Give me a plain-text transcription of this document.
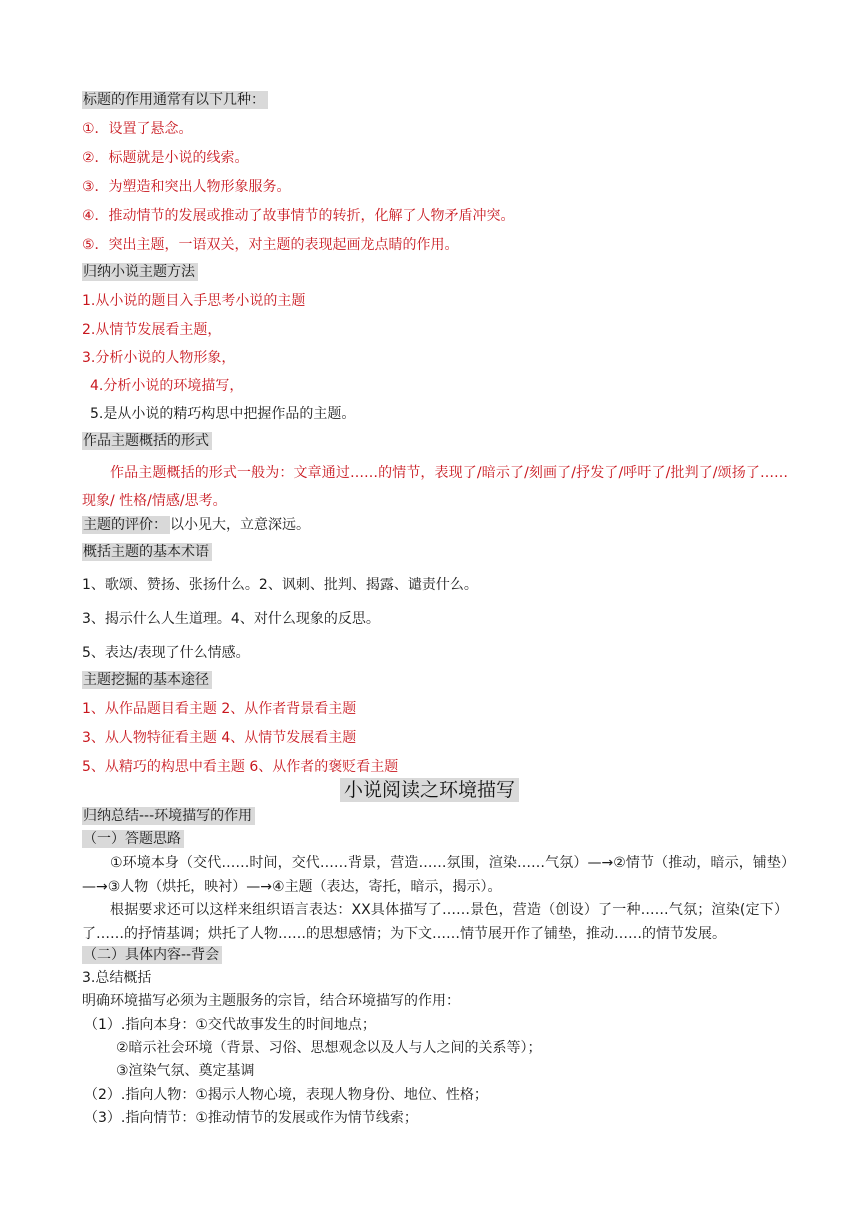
标题的作用通常有以下几种：
①．设置了悬念。
②．标题就是小说的线索。
③．为塑造和突出人物形象服务。
④．推动情节的发展或推动了故事情节的转折，化解了人物矛盾冲突。
⑤．突出主题，一语双关，对主题的表现起画龙点睛的作用。
归纳小说主题方法
1.从小说的题目入手思考小说的主题
2.从情节发展看主题，
3.分析小说的人物形象，
4.分析小说的环境描写，
5.是从小说的精巧构思中把握作品的主题。
作品主题概括的形式
作品主题概括的形式一般为：文章通过……的情节，表现了/暗示了/刻画了/抒发了/呼吁了/批判了/颂扬了……现象/ 性格/情感/思考。
主题的评价： 以小见大，立意深远。
概括主题的基本术语
1、歌颂、赞扬、张扬什么。2、讽刺、批判、揭露、谴责什么。
3、揭示什么人生道理。4、对什么现象的反思。
5、表达/表现了什么情感。
主题挖掘的基本途径
1、从作品题目看主题 2、从作者背景看主题
3、从人物特征看主题 4、从情节发展看主题
5、从精巧的构思中看主题 6、从作者的褒贬看主题
小说阅读之环境描写
归纳总结---环境描写的作用
（一）答题思路
①环境本身（交代……时间，交代……背景，营造……氛围，渲染……气氛）—→②情节（推动，暗示，铺垫）—→③人物（烘托，映衬）—→④主题（表达，寄托，暗示，揭示）。
根据要求还可以这样来组织语言表达：XX具体描写了……景色，营造（创设）了一种……气氛；渲染(定下）了……的抒情基调；烘托了人物……的思想感情；为下文……情节展开作了铺垫，推动……的情节发展。
（二）具体内容--背会
3.总结概括
明确环境描写必须为主题服务的宗旨，结合环境描写的作用：
（1）.指向本身：①交代故事发生的时间地点；
②暗示社会环境（背景、习俗、思想观念以及人与人之间的关系等）；
③渲染气氛、奠定基调
（2）.指向人物：①揭示人物心境，表现人物身份、地位、性格；
（3）.指向情节：①推动情节的发展或作为情节线索；
